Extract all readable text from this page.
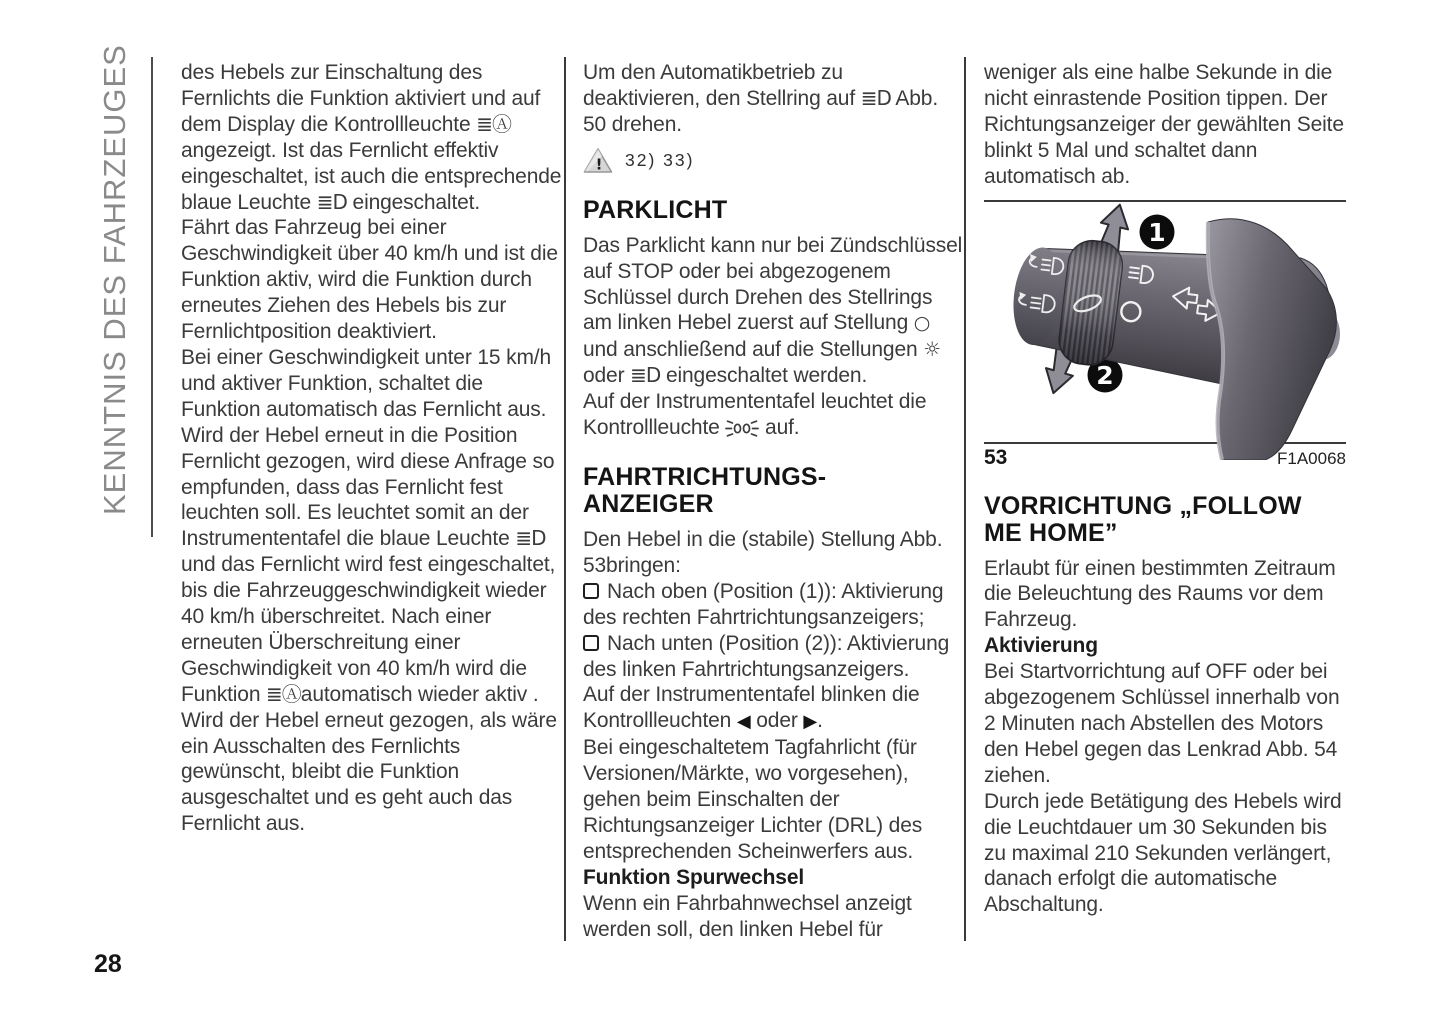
KENNTNIS DES FAHRZEUGES
28

des Hebels zur Einschaltung des Fernlichts die Funktion aktiviert und auf dem Display die Kontrollleuchte ≣Ⓐ angezeigt. Ist das Fernlicht effektiv eingeschaltet, ist auch die entsprechende blaue Leuchte ≣D eingeschaltet.

Fährt das Fahrzeug bei einer Geschwindigkeit über 40 km/h und ist die Funktion aktiv, wird die Funktion durch erneutes Ziehen des Hebels bis zur Fernlichtposition deaktiviert.

Bei einer Geschwindigkeit unter 15 km/h und aktiver Funktion, schaltet die Funktion automatisch das Fernlicht aus. Wird der Hebel erneut in die Position Fernlicht gezogen, wird diese Anfrage so empfunden, dass das Fernlicht fest leuchten soll. Es leuchtet somit an der Instrumententafel die blaue Leuchte ≣D und das Fernlicht wird fest eingeschaltet, bis die Fahrzeuggeschwindigkeit wieder 40 km/h überschreitet. Nach einer erneuten Überschreitung einer Geschwindigkeit von 40 km/h wird die Funktion ≣Ⓐautomatisch wieder aktiv .

Wird der Hebel erneut gezogen, als wäre ein Ausschalten des Fernlichts gewünscht, bleibt die Funktion ausgeschaltet und es geht auch das Fernlicht aus.

Um den Automatikbetrieb zu deaktivieren, den Stellring auf ≣D Abb. 50 drehen.

! 32) 33)

PARKLICHT

Das Parklicht kann nur bei Zündschlüssel auf STOP oder bei abgezogenem Schlüssel durch Drehen des Stellrings am linken Hebel zuerst auf Stellung ○ und anschließend auf die Stellungen ☼ oder ≣D eingeschaltet werden.

Auf der Instrumententafel leuchtet die Kontrollleuchte  auf.

FAHRTRICHTUNGS-
ANZEIGER

Den Hebel in die (stabile) Stellung Abb. 53bringen:

Nach oben (Position (1)): Aktivierung des rechten Fahrtrichtungsanzeigers;

Nach unten (Position (2)): Aktivierung des linken Fahrtrichtungsanzeigers.

Auf der Instrumententafel blinken die Kontrollleuchten ◀ oder ▶.

Bei eingeschaltetem Tagfahrlicht (für Versionen/Märkte, wo vorgesehen), gehen beim Einschalten der Richtungsanzeiger Lichter (DRL) des entsprechenden Scheinwerfers aus.

Funktion Spurwechsel

Wenn ein Fahrbahnwechsel anzeigt werden soll, den linken Hebel für

weniger als eine halbe Sekunde in die nicht einrastende Position tippen. Der Richtungsanzeiger der gewählten Seite blinkt 5 Mal und schaltet dann automatisch ab.

1
2
53	F1A0068
VORRICHTUNG „FOLLOW
ME HOME”

Erlaubt für einen bestimmten Zeitraum die Beleuchtung des Raums vor dem Fahrzeug.

Aktivierung

Bei Startvorrichtung auf OFF oder bei abgezogenem Schlüssel innerhalb von 2 Minuten nach Abstellen des Motors den Hebel gegen das Lenkrad Abb. 54 ziehen.

Durch jede Betätigung des Hebels wird die Leuchtdauer um 30 Sekunden bis zu maximal 210 Sekunden verlängert, danach erfolgt die automatische Abschaltung.
